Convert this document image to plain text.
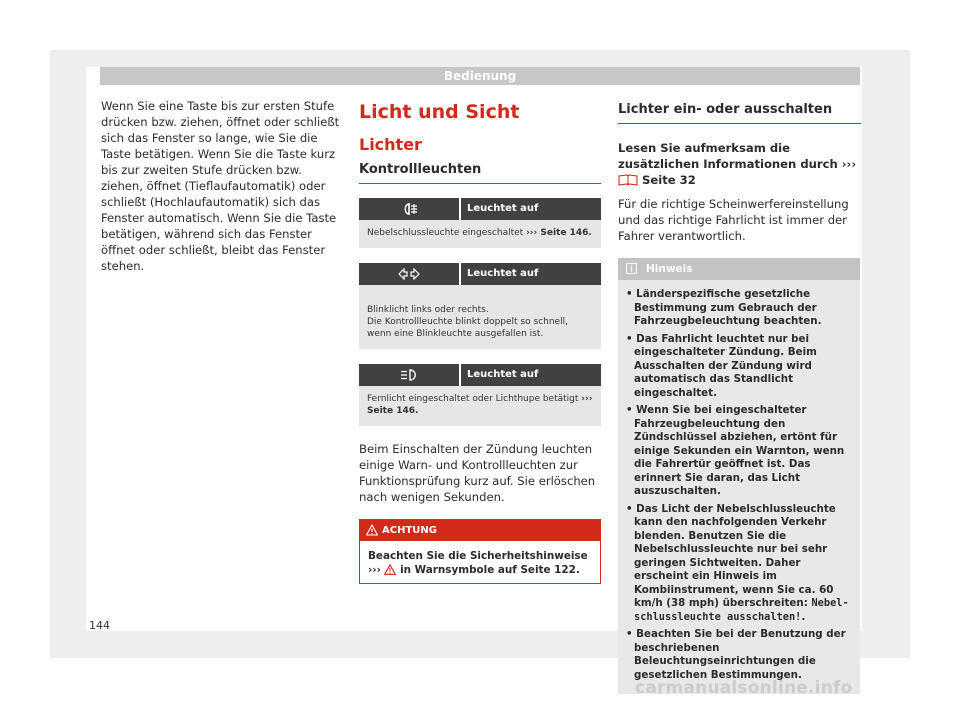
Bedienung
Wenn Sie eine Taste bis zur ersten Stufe drücken bzw. ziehen, öffnet oder schließt sich das Fenster so lange, wie Sie die Taste betätigen. Wenn Sie die Taste kurz bis zur zweiten Stufe drücken bzw. ziehen, öffnet (Tieflaufautomatik) oder schließt (Hochlaufautomatik) sich das Fenster automatisch. Wenn Sie die Taste betätigen, während sich das Fenster öffnet oder schließt, bleibt das Fenster stehen.
Licht und Sicht
Lichter
Kontrollleuchten
Leuchtet auf
Nebelschlussleuchte eingeschaltet ››› Seite 146.
Leuchtet auf

Blinklicht links oder rechts.
Die Kontrollleuchte blinkt doppelt so schnell, wenn eine Blinkleuchte ausgefallen ist.

Leuchtet auf
Fernlicht eingeschaltet oder Lichthupe betätigt ››› Seite 146.
Beim Einschalten der Zündung leuchten einige Warn- und Kontrollleuchten zur Funktionsprüfung kurz auf. Sie erlöschen nach wenigen Sekunden.
ACHTUNG
Beachten Sie die Sicherheitshinweise ››› in Warnsymbole auf Seite 122.
Lichter ein- oder ausschalten
Lesen Sie aufmerksam die zusätzlichen Informationen durch ›››  Seite 32
Für die richtige Scheinwerfereinstellung und das richtige Fahrlicht ist immer der Fahrer verantwortlich.
Hinweis
• Länderspezifische gesetzliche Bestimmung zum Gebrauch der Fahrzeugbeleuchtung beachten.
• Das Fahrlicht leuchtet nur bei eingeschalteter Zündung. Beim Ausschalten der Zündung wird automatisch das Standlicht eingeschaltet.
• Wenn Sie bei eingeschalteter Fahrzeugbeleuchtung den Zündschlüssel abziehen, ertönt für einige Sekunden ein Warnton, wenn die Fahrertür geöffnet ist. Das erinnert Sie daran, das Licht auszuschalten.
• Das Licht der Nebelschlussleuchte kann den nachfolgenden Verkehr blenden. Benutzen Sie die Nebelschlussleuchte nur bei sehr geringen Sichtweiten. Daher erscheint ein Hinweis im Kombiinstrument, wenn Sie ca. 60 km/h (38 mph) überschreiten: Nebelschlussleuchte ausschalten!.
• Beachten Sie bei der Benutzung der beschriebenen Beleuchtungseinrichtungen die gesetzlichen Bestimmungen.
144
carmanualsonline.info
